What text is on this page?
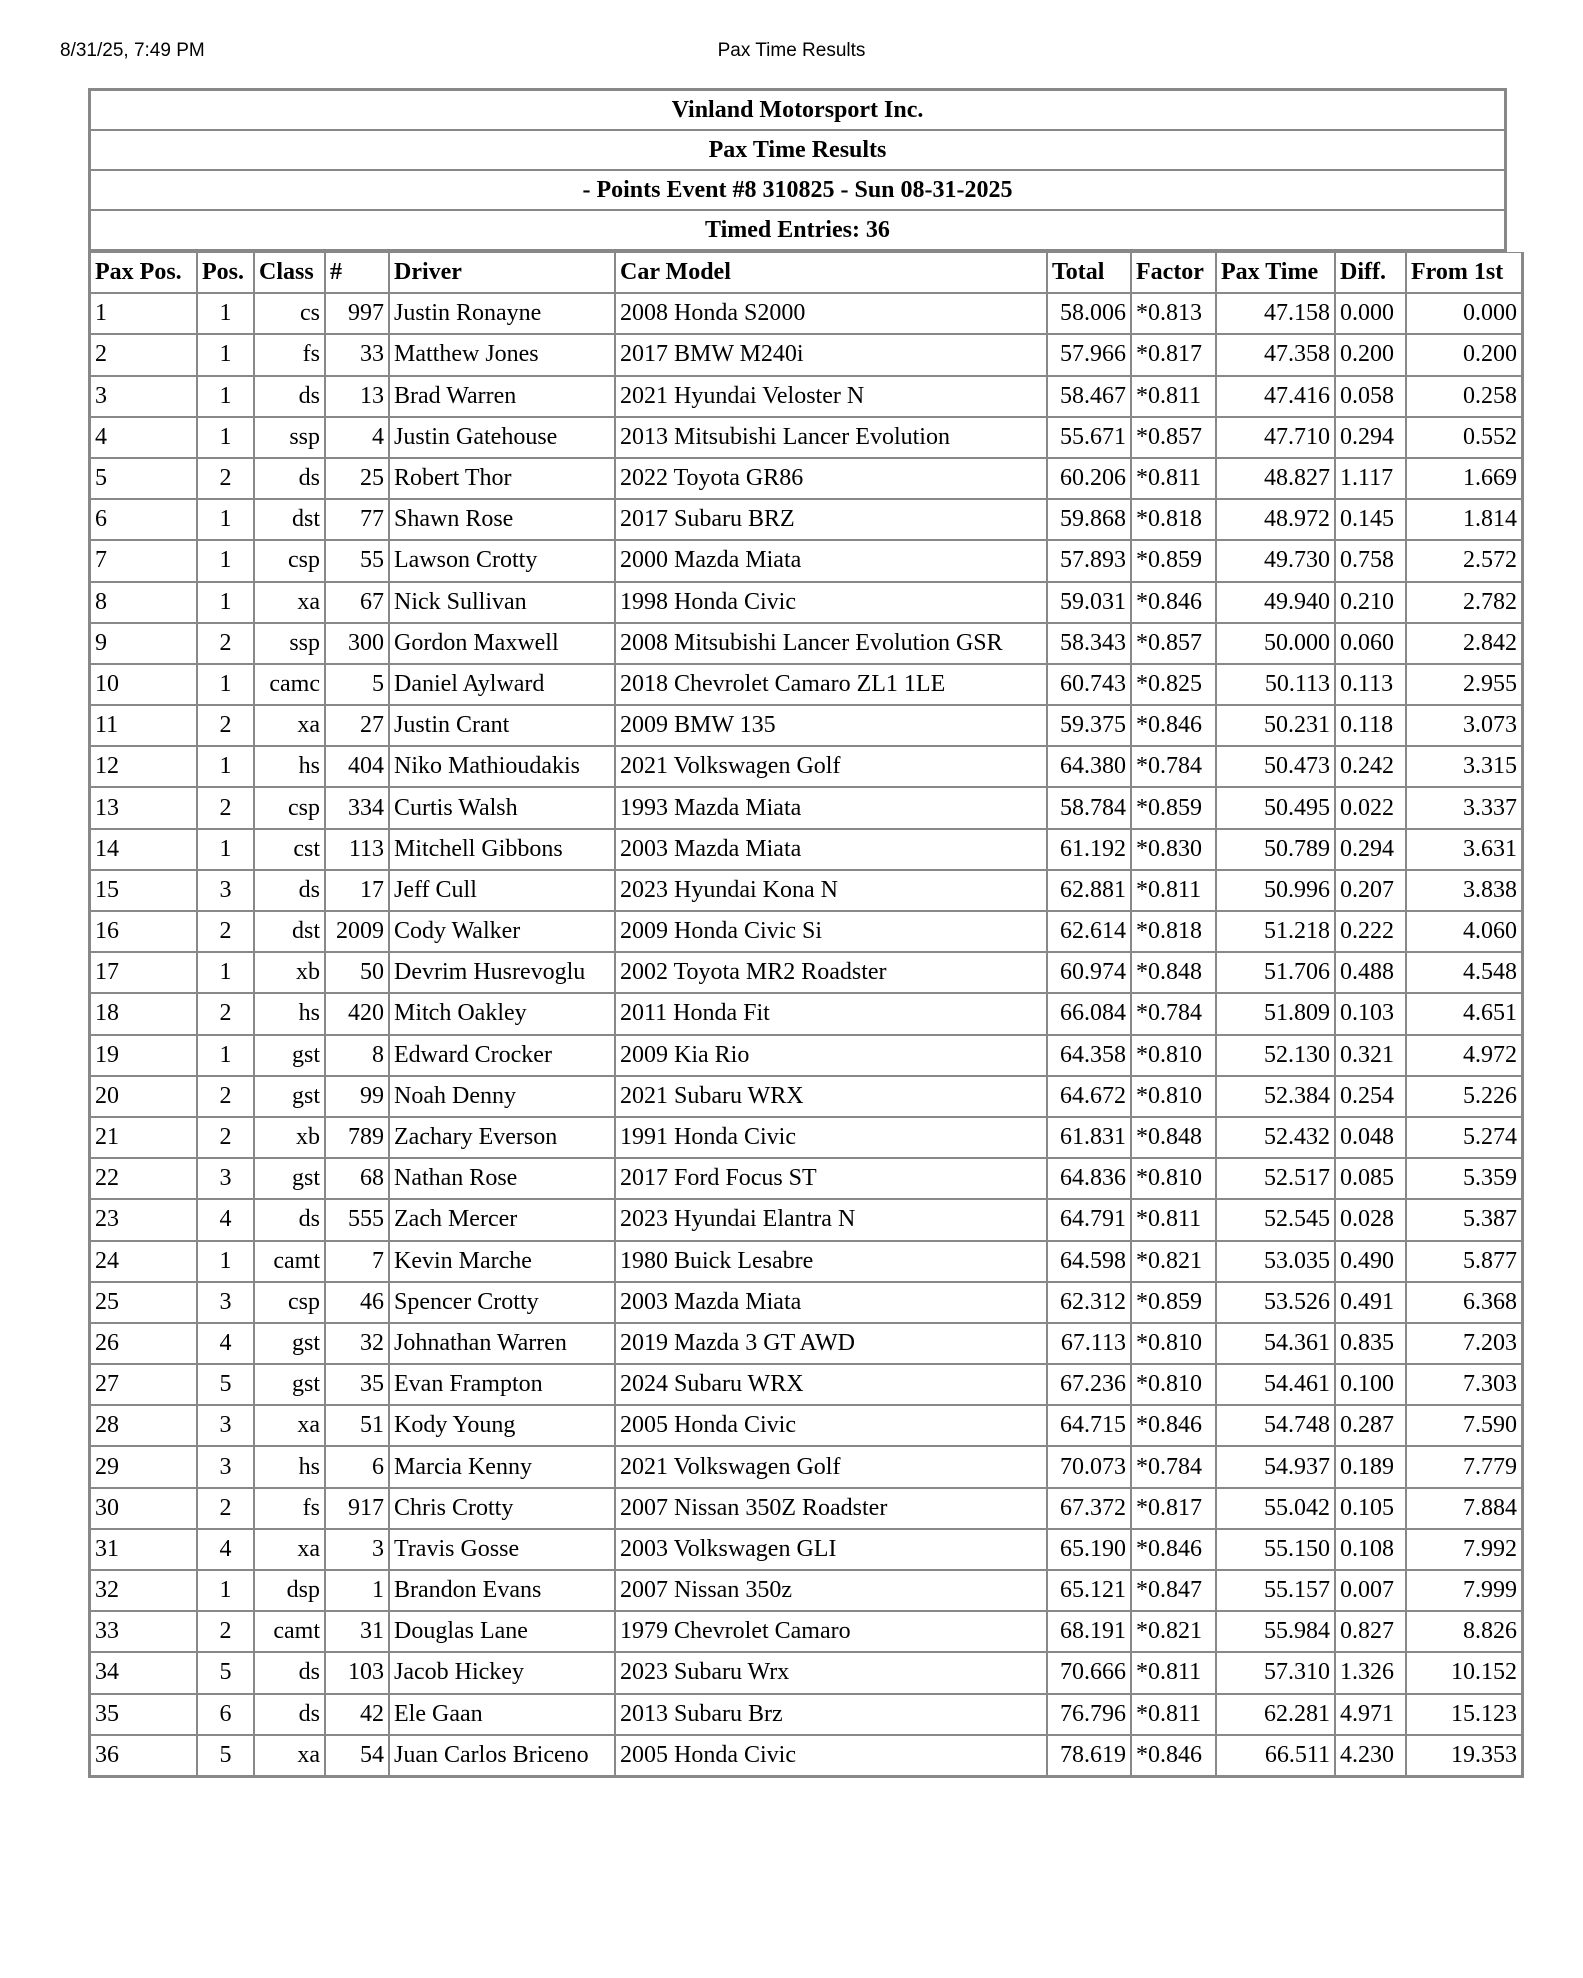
8/31/25, 7:49 PM	Pax Time Results
Vinland Motorsport Inc.
Pax Time Results
- Points Event #8 310825 - Sun 08-31-2025
Timed Entries: 36
Pax Pos.	Pos.	Class	#	Driver	Car Model	Total	Factor	Pax Time	Diff.	From 1st
1	1	cs	997	Justin Ronayne	2008 Honda S2000	58.006	*0.813	47.158	0.000	0.000
2	1	fs	33	Matthew Jones	2017 BMW M240i	57.966	*0.817	47.358	0.200	0.200
3	1	ds	13	Brad Warren	2021 Hyundai Veloster N	58.467	*0.811	47.416	0.058	0.258
4	1	ssp	4	Justin Gatehouse	2013 Mitsubishi Lancer Evolution	55.671	*0.857	47.710	0.294	0.552
5	2	ds	25	Robert Thor	2022 Toyota GR86	60.206	*0.811	48.827	1.117	1.669
6	1	dst	77	Shawn Rose	2017 Subaru BRZ	59.868	*0.818	48.972	0.145	1.814
7	1	csp	55	Lawson Crotty	2000 Mazda Miata	57.893	*0.859	49.730	0.758	2.572
8	1	xa	67	Nick Sullivan	1998 Honda Civic	59.031	*0.846	49.940	0.210	2.782
9	2	ssp	300	Gordon Maxwell	2008 Mitsubishi Lancer Evolution GSR	58.343	*0.857	50.000	0.060	2.842
10	1	camc	5	Daniel Aylward	2018 Chevrolet Camaro ZL1 1LE	60.743	*0.825	50.113	0.113	2.955
11	2	xa	27	Justin Crant	2009 BMW 135	59.375	*0.846	50.231	0.118	3.073
12	1	hs	404	Niko Mathioudakis	2021 Volkswagen Golf	64.380	*0.784	50.473	0.242	3.315
13	2	csp	334	Curtis Walsh	1993 Mazda Miata	58.784	*0.859	50.495	0.022	3.337
14	1	cst	113	Mitchell Gibbons	2003 Mazda Miata	61.192	*0.830	50.789	0.294	3.631
15	3	ds	17	Jeff Cull	2023 Hyundai Kona N	62.881	*0.811	50.996	0.207	3.838
16	2	dst	2009	Cody Walker	2009 Honda Civic Si	62.614	*0.818	51.218	0.222	4.060
17	1	xb	50	Devrim Husrevoglu	2002 Toyota MR2 Roadster	60.974	*0.848	51.706	0.488	4.548
18	2	hs	420	Mitch Oakley	2011 Honda Fit	66.084	*0.784	51.809	0.103	4.651
19	1	gst	8	Edward Crocker	2009 Kia Rio	64.358	*0.810	52.130	0.321	4.972
20	2	gst	99	Noah Denny	2021 Subaru WRX	64.672	*0.810	52.384	0.254	5.226
21	2	xb	789	Zachary Everson	1991 Honda Civic	61.831	*0.848	52.432	0.048	5.274
22	3	gst	68	Nathan Rose	2017 Ford Focus ST	64.836	*0.810	52.517	0.085	5.359
23	4	ds	555	Zach Mercer	2023 Hyundai Elantra N	64.791	*0.811	52.545	0.028	5.387
24	1	camt	7	Kevin Marche	1980 Buick Lesabre	64.598	*0.821	53.035	0.490	5.877
25	3	csp	46	Spencer Crotty	2003 Mazda Miata	62.312	*0.859	53.526	0.491	6.368
26	4	gst	32	Johnathan Warren	2019 Mazda 3 GT AWD	67.113	*0.810	54.361	0.835	7.203
27	5	gst	35	Evan Frampton	2024 Subaru WRX	67.236	*0.810	54.461	0.100	7.303
28	3	xa	51	Kody Young	2005 Honda Civic	64.715	*0.846	54.748	0.287	7.590
29	3	hs	6	Marcia Kenny	2021 Volkswagen Golf	70.073	*0.784	54.937	0.189	7.779
30	2	fs	917	Chris Crotty	2007 Nissan 350Z Roadster	67.372	*0.817	55.042	0.105	7.884
31	4	xa	3	Travis Gosse	2003 Volkswagen GLI	65.190	*0.846	55.150	0.108	7.992
32	1	dsp	1	Brandon Evans	2007 Nissan 350z	65.121	*0.847	55.157	0.007	7.999
33	2	camt	31	Douglas Lane	1979 Chevrolet Camaro	68.191	*0.821	55.984	0.827	8.826
34	5	ds	103	Jacob Hickey	2023 Subaru Wrx	70.666	*0.811	57.310	1.326	10.152
35	6	ds	42	Ele Gaan	2013 Subaru Brz	76.796	*0.811	62.281	4.971	15.123
36	5	xa	54	Juan Carlos Briceno	2005 Honda Civic	78.619	*0.846	66.511	4.230	19.353
